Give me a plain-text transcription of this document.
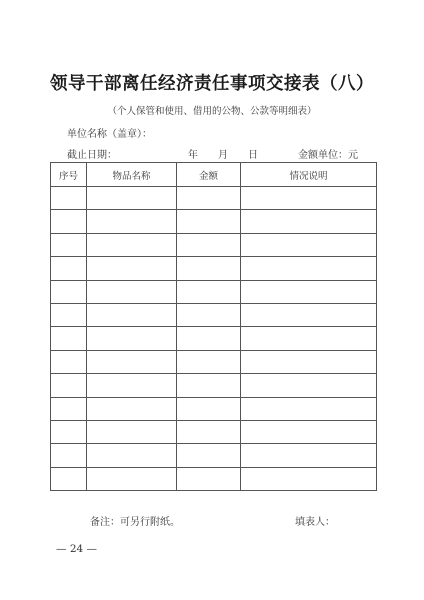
领导干部离任经济责任事项交接表（八）
（个人保管和使用、借用的公物、公款等明细表）
单位名称（盖章）：
截止日期：	年 月 日	金额单位：元
序号	物品名称	金额	情况说明

备注：可另行附纸。	填表人：
— 24 —
